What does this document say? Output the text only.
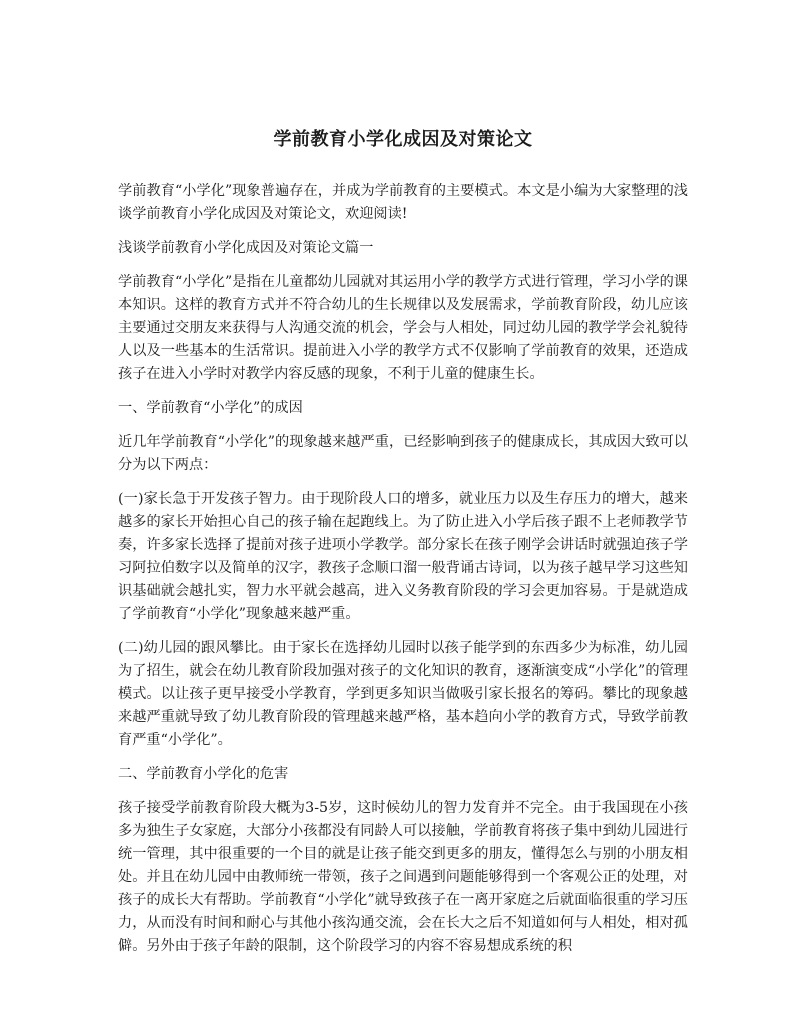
学前教育小学化成因及对策论文

学前教育“小学化”现象普遍存在，并成为学前教育的主要模式。本文是小编为大家整理的浅谈学前教育小学化成因及对策论文，欢迎阅读!

浅谈学前教育小学化成因及对策论文篇一

学前教育“小学化”是指在儿童都幼儿园就对其运用小学的教学方式进行管理，学习小学的课本知识。这样的教育方式并不符合幼儿的生长规律以及发展需求，学前教育阶段，幼儿应该主要通过交朋友来获得与人沟通交流的机会，学会与人相处，同过幼儿园的教学学会礼貌待人以及一些基本的生活常识。提前进入小学的教学方式不仅影响了学前教育的效果，还造成孩子在进入小学时对教学内容反感的现象，不利于儿童的健康生长。

一、学前教育“小学化”的成因

近几年学前教育“小学化”的现象越来越严重，已经影响到孩子的健康成长，其成因大致可以分为以下两点：

(一)家长急于开发孩子智力。由于现阶段人口的增多，就业压力以及生存压力的增大，越来越多的家长开始担心自己的孩子输在起跑线上。为了防止进入小学后孩子跟不上老师教学节奏，许多家长选择了提前对孩子进项小学教学。部分家长在孩子刚学会讲话时就强迫孩子学习阿拉伯数字以及简单的汉字，教孩子念顺口溜一般背诵古诗词，以为孩子越早学习这些知识基础就会越扎实，智力水平就会越高，进入义务教育阶段的学习会更加容易。于是就造成了学前教育“小学化”现象越来越严重。

(二)幼儿园的跟风攀比。由于家长在选择幼儿园时以孩子能学到的东西多少为标准，幼儿园为了招生，就会在幼儿教育阶段加强对孩子的文化知识的教育，逐渐演变成“小学化”的管理模式。以让孩子更早接受小学教育，学到更多知识当做吸引家长报名的筹码。攀比的现象越来越严重就导致了幼儿教育阶段的管理越来越严格，基本趋向小学的教育方式，导致学前教育严重“小学化”。

二、学前教育小学化的危害

孩子接受学前教育阶段大概为3-5岁，这时候幼儿的智力发育并不完全。由于我国现在小孩多为独生子女家庭，大部分小孩都没有同龄人可以接触，学前教育将孩子集中到幼儿园进行统一管理，其中很重要的一个目的就是让孩子能交到更多的朋友，懂得怎么与别的小朋友相处。并且在幼儿园中由教师统一带领，孩子之间遇到问题能够得到一个客观公正的处理，对孩子的成长大有帮助。学前教育“小学化”就导致孩子在一离开家庭之后就面临很重的学习压力，从而没有时间和耐心与其他小孩沟通交流，会在长大之后不知道如何与人相处，相对孤僻。另外由于孩子年龄的限制，这个阶段学习的内容不容易想成系统的积
